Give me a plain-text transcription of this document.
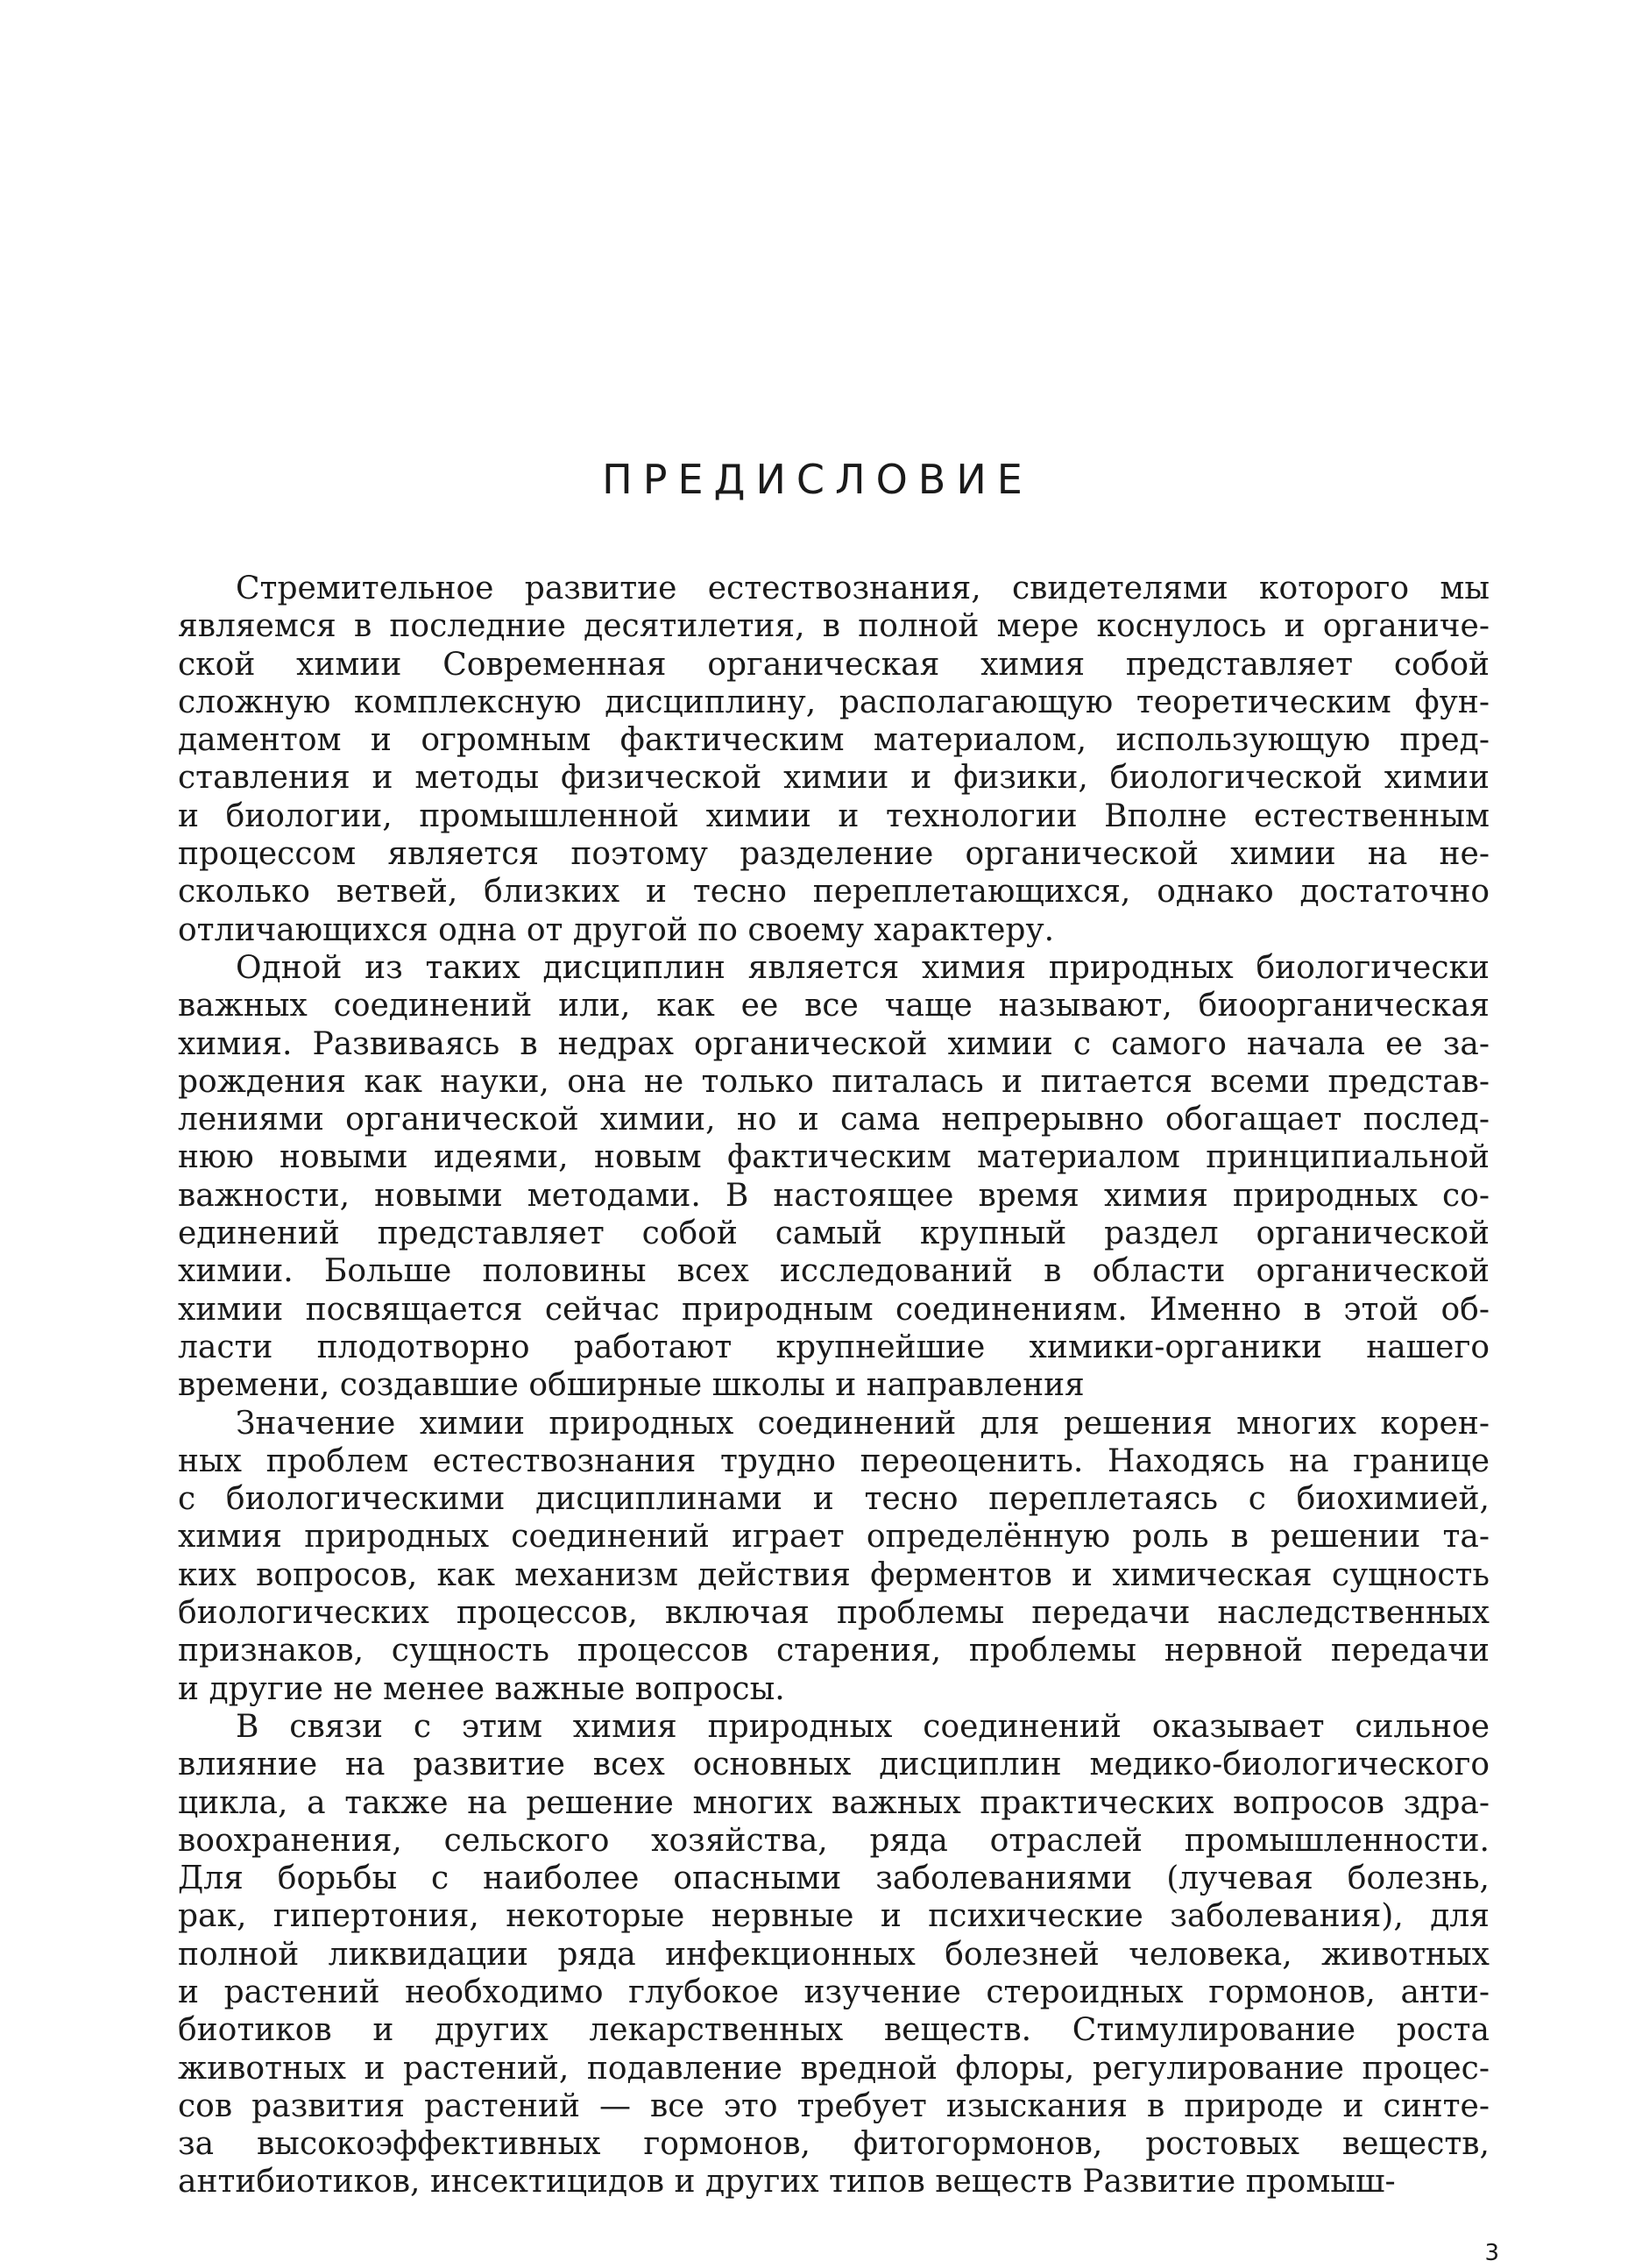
ПРЕДИСЛОВИЕ

Стремительное развитие естествознания, свидетелями которого мы
являемся в последние десятилетия, в полной мере коснулось и органиче-
ской химии Современная органическая химия представляет собой
сложную комплексную дисциплину, располагающую теоретическим фун-
даментом и огромным фактическим материалом, использующую пред-
ставления и методы физической химии и физики, биологической химии
и биологии, промышленной химии и технологии Вполне естественным
процессом является поэтому разделение органической химии на не-
сколько ветвей, близких и тесно переплетающихся, однако достаточно
отличающихся одна от другой по своему характеру.

Одной из таких дисциплин является химия природных биологически
важных соединений или, как ее все чаще называют, биоорганическая
химия. Развиваясь в недрах органической химии с самого начала ее за-
рождения как науки, она не только питалась и питается всеми представ-
лениями органической химии, но и сама непрерывно обогащает послед-
нюю новыми идеями, новым фактическим материалом принципиальной
важности, новыми методами. В настоящее время химия природных со-
единений представляет собой самый крупный раздел органической
химии. Больше половины всех исследований в области органической
химии посвящается сейчас природным соединениям. Именно в этой об-
ласти плодотворно работают крупнейшие химики-органики нашего
времени, создавшие обширные школы и направления

Значение химии природных соединений для решения многих корен-
ных проблем естествознания трудно переоценить. Находясь на границе
с биологическими дисциплинами и тесно переплетаясь с биохимией,
химия природных соединений играет определённую роль в решении та-
ких вопросов, как механизм действия ферментов и химическая сущность
биологических процессов, включая проблемы передачи наследственных
признаков, сущность процессов старения, проблемы нервной передачи
и другие не менее важные вопросы.

В связи с этим химия природных соединений оказывает сильное
влияние на развитие всех основных дисциплин медико-биологического
цикла, а также на решение многих важных практических вопросов здра-
воохранения, сельского хозяйства, ряда отраслей промышленности.
Для борьбы с наиболее опасными заболеваниями (лучевая болезнь,
рак, гипертония, некоторые нервные и психические заболевания), для
полной ликвидации ряда инфекционных болезней человека, животных
и растений необходимо глубокое изучение стероидных гормонов, анти-
биотиков и других лекарственных веществ. Стимулирование роста
животных и растений, подавление вредной флоры, регулирование процес-
сов развития растений — все это требует изыскания в природе и синте-
за высокоэффективных гормонов, фитогормонов, ростовых веществ,
антибиотиков, инсектицидов и других типов веществ Развитие промыш-

3
